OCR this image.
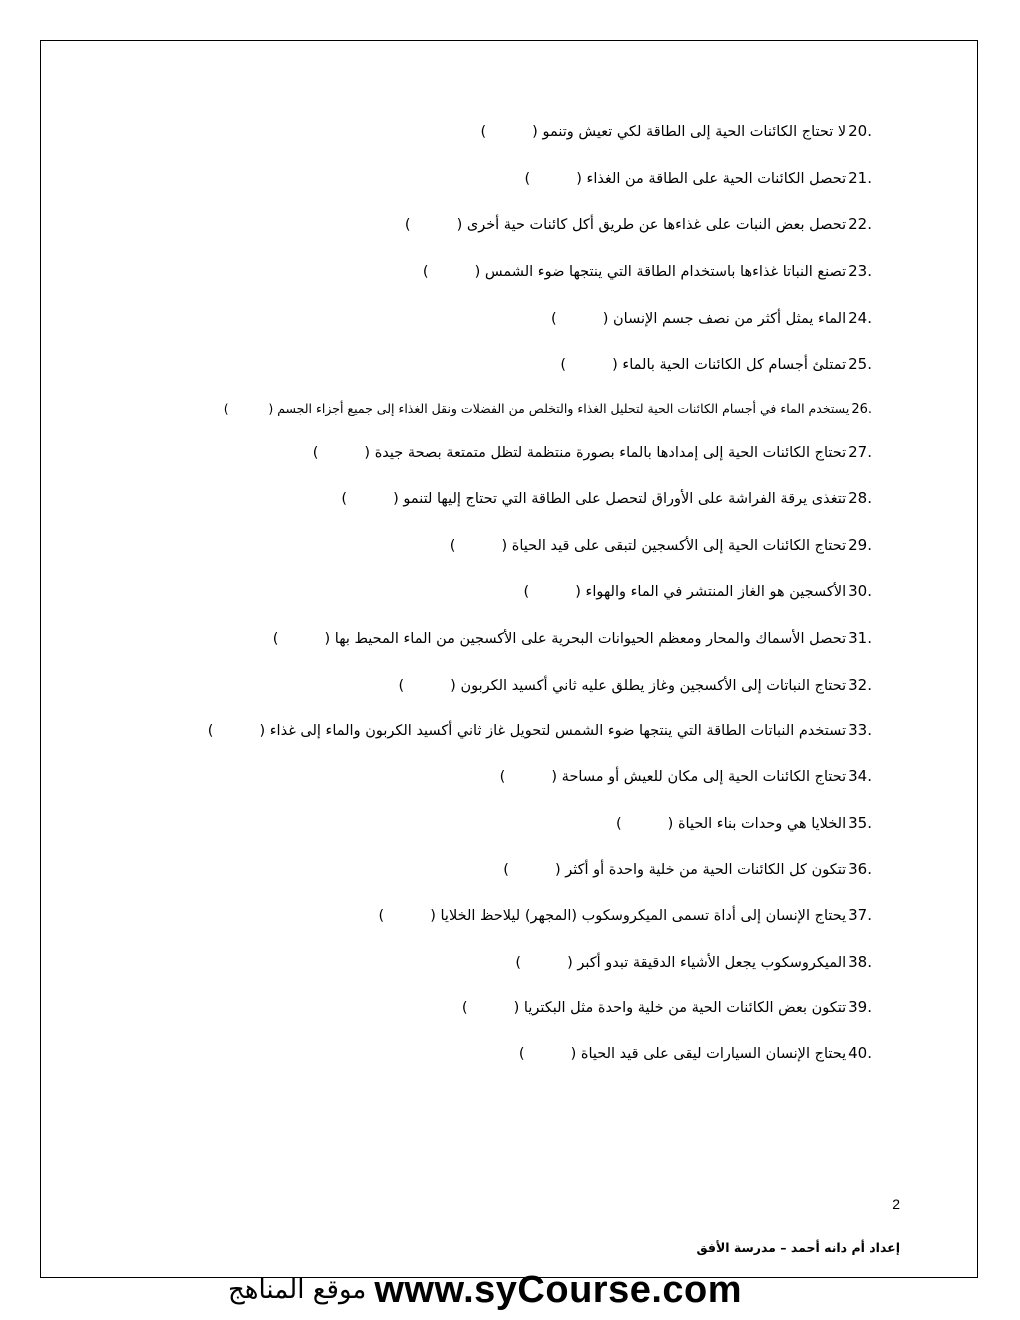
20.
لا تحتاج الكائنات الحية إلى الطاقة لكي تعيش وتنمو (          )
21.
تحصل الكائنات الحية على الطاقة من الغذاء (          )
22.
تحصل بعض النبات على غذاءها عن طريق أكل كائنات حية أخرى (          )
23.
تصنع النباتا غذاءها باستخدام الطاقة التي ينتجها ضوء الشمس (          )
24.
الماء يمثل أكثر من نصف جسم الإنسان (          )
25.
تمتلئ أجسام كل الكائنات الحية بالماء (          )
26.
يستخدم الماء في أجسام الكائنات الحية لتحليل الغذاء والتخلص من الفضلات ونقل الغذاء إلى جميع أجزاء الجسم (          )
27.
تحتاج الكائنات الحية إلى إمدادها بالماء بصورة منتظمة لتظل متمتعة بصحة جيدة (          )
28.
تتغذى يرقة الفراشة على الأوراق لتحصل على الطاقة التي تحتاج إليها لتنمو (          )
29.
تحتاج الكائنات الحية إلى الأكسجين لتبقى على قيد الحياة (          )
30.
الأكسجين هو الغاز المنتشر في الماء والهواء (          )
31.
تحصل الأسماك والمحار ومعظم الحيوانات البحرية على الأكسجين من الماء المحيط بها (          )
32.
تحتاج النباتات إلى الأكسجين وغاز يطلق عليه ثاني أكسيد الكربون (          )
33.
تستخدم النباتات الطاقة التي ينتجها ضوء الشمس لتحويل غاز ثاني أكسيد الكربون والماء إلى غذاء (          )
34.
تحتاج الكائنات الحية إلى مكان للعيش أو مساحة (          )
35.
الخلايا هي وحدات بناء الحياة (          )
36.
تتكون كل الكائنات الحية من خلية واحدة أو أكثر (          )
37.
يحتاج الإنسان إلى أداة تسمى الميكروسكوب (المجهر) ليلاحظ الخلايا (          )
38.
الميكروسكوب يجعل الأشياء الدقيقة تبدو أكبر (          )
39.
تتكون بعض الكائنات الحية من خلية واحدة مثل البكتريا (          )
40.
يحتاج الإنسان السيارات ليقى على قيد الحياة (          )
2
إعداد أم دانه أحمد – مدرسة الأفق
موقع المناهج www.syCourse.com
